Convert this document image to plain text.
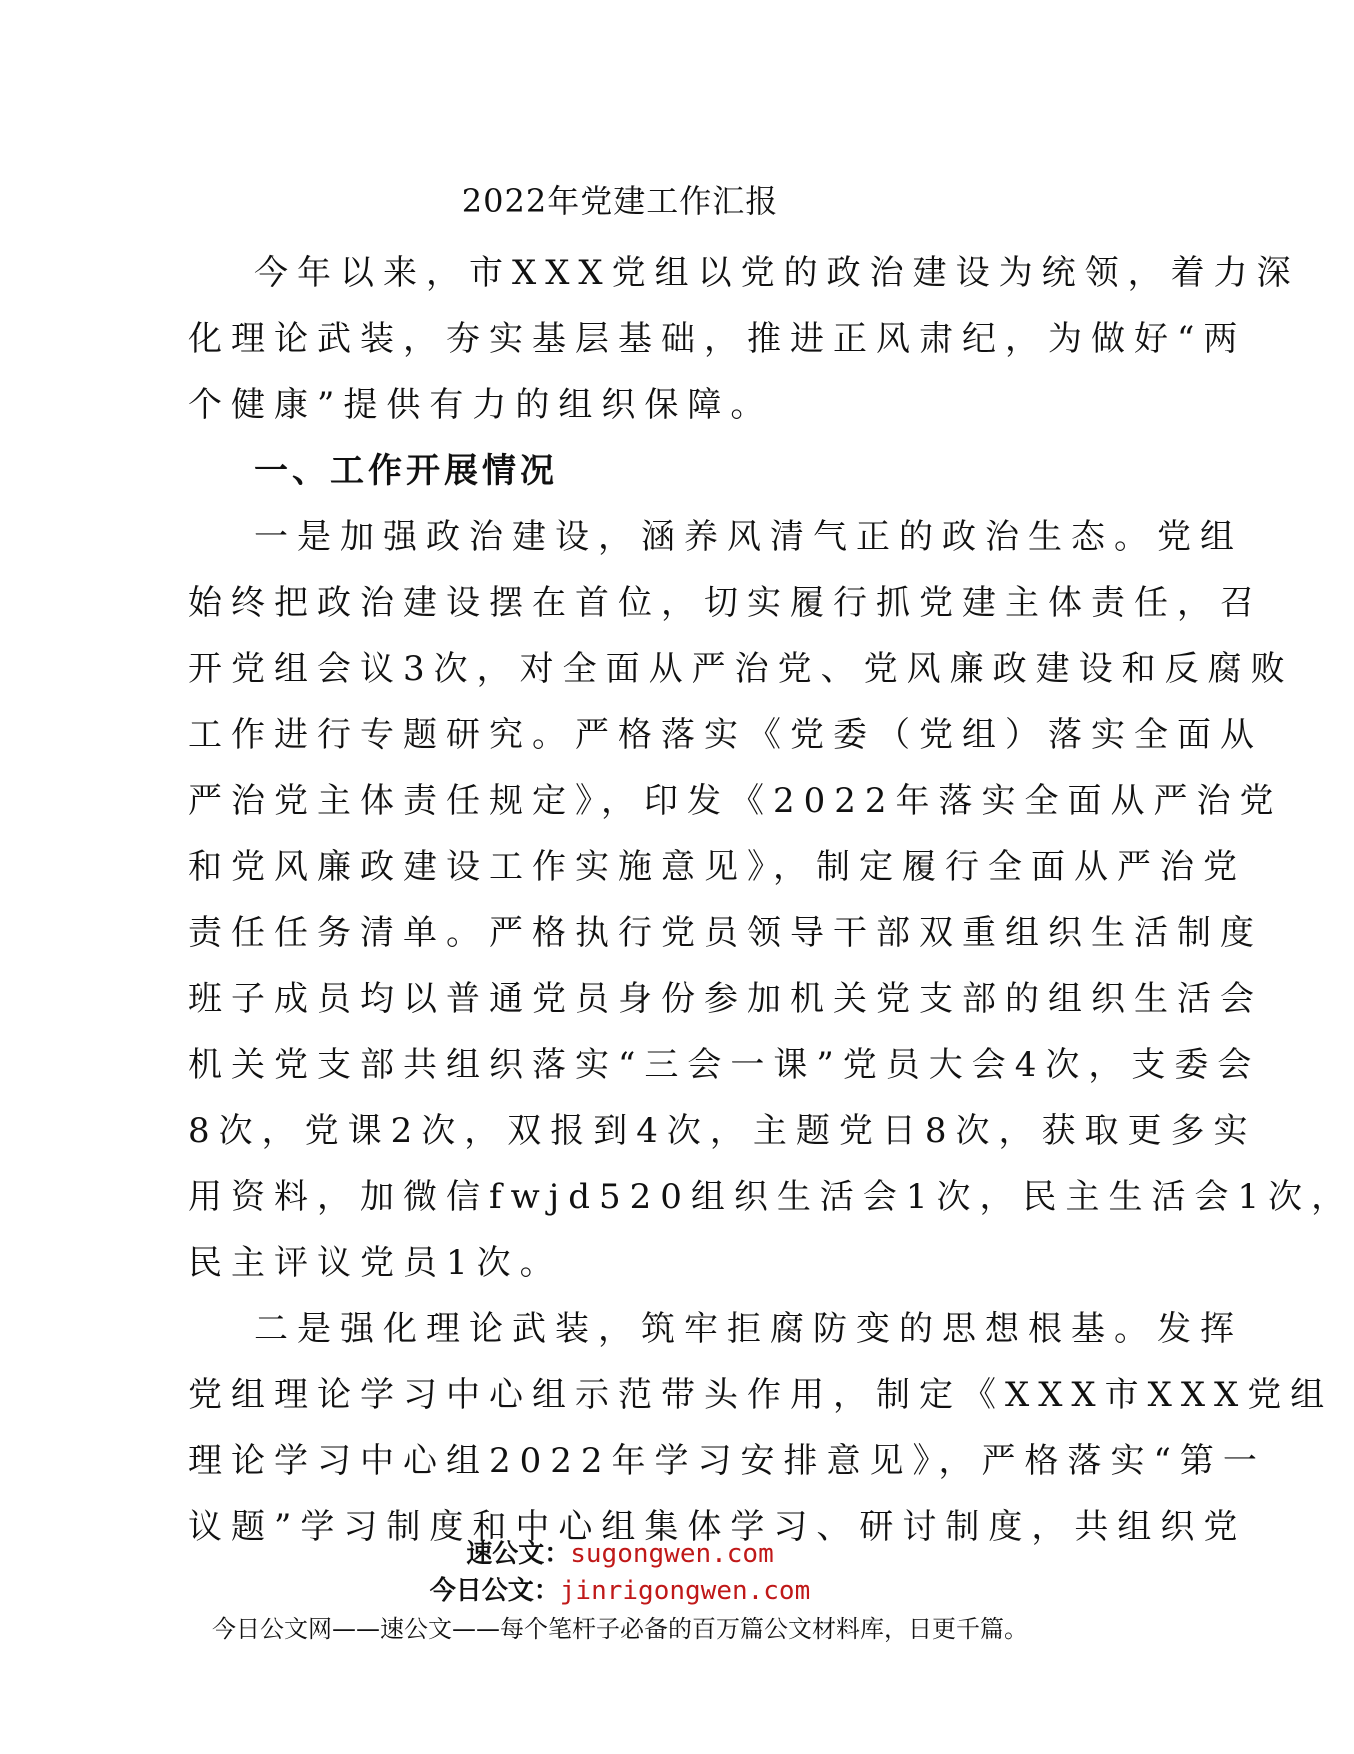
2022年党建工作汇报
今年以来，市XXX党组以党的政治建设为统领，着力深
化理论武装，夯实基层基础，推进正风肃纪，为做好“两
个健康”提供有力的组织保障。
一、工作开展情况
一是加强政治建设，涵养风清气正的政治生态。党组
始终把政治建设摆在首位，切实履行抓党建主体责任，召
开党组会议3次，对全面从严治党、党风廉政建设和反腐败
工作进行专题研究。严格落实《党委（党组）落实全面从
严治党主体责任规定》，印发《2022年落实全面从严治党
和党风廉政建设工作实施意见》，制定履行全面从严治党
责任任务清单。严格执行党员领导干部双重组织生活制度
班子成员均以普通党员身份参加机关党支部的组织生活会
机关党支部共组织落实“三会一课”党员大会4次，支委会
8次，党课2次，双报到4次，主题党日8次，获取更多实
用资料，加微信fwjd520组织生活会1次，民主生活会1次，
民主评议党员1次。
二是强化理论武装，筑牢拒腐防变的思想根基。发挥
党组理论学习中心组示范带头作用，制定《XXX市XXX党组
理论学习中心组2022年学习安排意见》，严格落实“第一
议题”学习制度和中心组集体学习、研讨制度，共组织党
速公文：sugongwen.com
今日公文：jinrigongwen.com
今日公文网——速公文——每个笔杆子必备的百万篇公文材料库，日更千篇。
